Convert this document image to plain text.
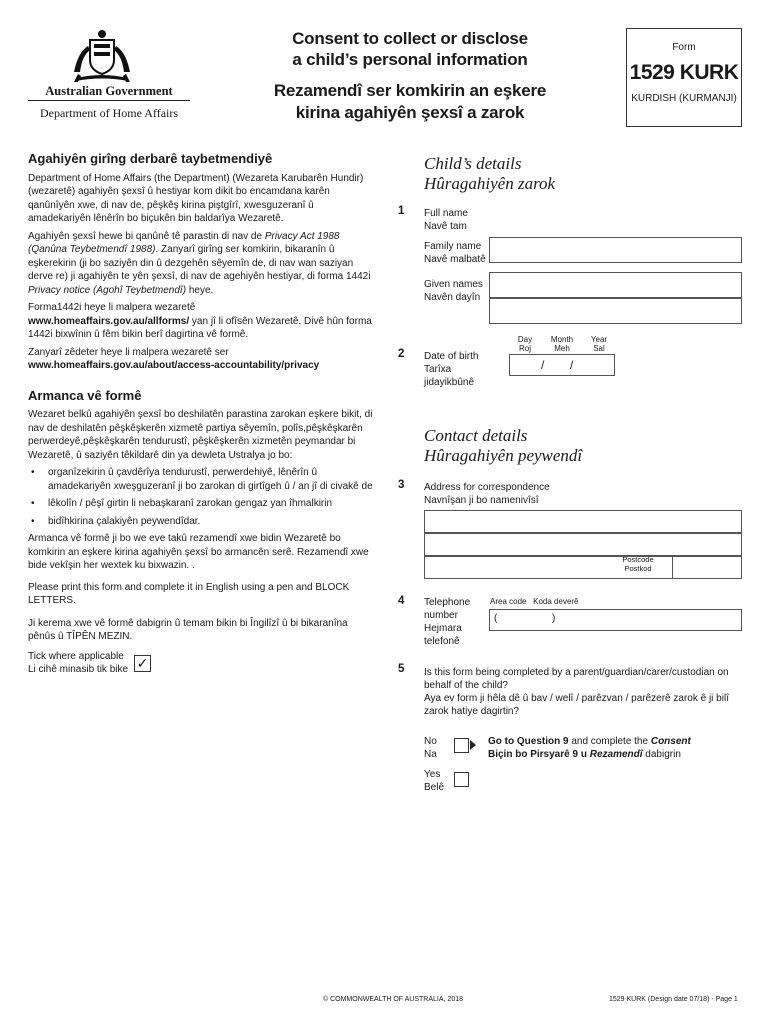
Australian Government
Department of Home Affairs
Consent to collect or disclose
a child’s personal information
Rezamendî ser komkirin an eşkere
kirina agahiyên şexsî a zarok
Form
1529 KURK
KURDISH (KURMANJI)
Agahiyên girîng derbarê taybetmendiyê

Department of Home Affairs (the Department) (Wezareta Karubarên Hundir) (wezaretê) agahiyên şexsî û hestiyar kom dikit bo encamdana karên qanûnîyên xwe, di nav de, pêşkêş kirina piştgîrî, xwesguzeranî û amadekariyên lênêrîn bo biçukên bin baldarîya Wezaretê.

Agahiyên şexsî hewe bi qanûnê tê parastin di nav de Privacy Act 1988 (Qanûna Teybetmendî 1988). Zanyarî girîng ser komkirin, bikaranîn û eşkerekirin (ji bo saziyên din û dezgehên sêyemîn de, di nav wan saziyan derve re) ji agahiyên te yên şexsî, di nav de agehiyên hestiyar, di forma 1442i Privacy notice (Agohî Teybetmendî) heye.

Forma1442i heye li malpera wezaretê
www.homeaffairs.gov.au/allforms/ yan jî li ofîsên Wezaretê. Divê hûn forma 1442i bixwînin û fêm bikin berî dagirtina vê formê.

Zanyarî zêdeter heye li malpera wezaretê ser
www.homeaffairs.gov.au/about/access-accountability/privacy

Armanca vê formê

Wezaret belkû agahiyên şexsî bo deshilatên parastina zarokan eşkere bikit, di nav de deshilatên pêşkêşkerên xizmetê partiya sêyemîn, polîs,pêşkêşkarên perwerdeyê,pêşkêşkarên tendurustî, pêşkêşkerên xizmetên peymandar bi Wezaretê, û saziyên têkildarê din ya dewleta Ustralya jo bo:

• organîzekirin û çavdêrîya tendurustî, perwerdehiyê, lênêrîn û amadekariyên xweşguzeranî ji bo zarokan di girtîgeh û / an jî di civakê de
• lêkolîn / pêşî girtin li nebaşkaranî zarokan gengaz yan îhmalkirin
• bidîhkirina çalakiyên peywendîdar.

Armanca vê formê ji bo we eve takû rezamendî xwe bidin Wezaretê bo komkirin an eşkere kirina agahiyên şexsî bo armancên serê. Rezamendî xwe bide vekîşin her wextek ku bixwazin. .

Please print this form and complete it in English using a pen and BLOCK LETTERS.

Ji kerema xwe vê formê dabigrin û temam bikin bi Îngilîzî û bi bikaranîna pênûs û TÎPÊN MEZIN.

Tick where applicable
Li cihê minasib tik bike ✓
Child’s details
Hûragahiyên zarok
1 Full name
Navê tam
Family name
Navê malbatê
Given names
Navên dayîn
Day
Roj
Month
Meh
Year
Sal
2 Date of birth
Tarîxa
jidayikbûnê
/ /
Contact details
Hûragahiyên peywendî
3 Address for correspondence
Navnîşan ji bo namenivîsî
Postcode
Postkod
4 Telephone
number
Hejmara
telefonê
Area code Koda deverê
(	)
5 Is this form being completed by a parent/guardian/carer/custodian on behalf of the child?
Aya ev form ji hêla dê û bav / welî / parêzvan / parêzerê zarok ê ji bilî zarok hatiye dagirtin?
No
Na
Go to Question 9 and complete the Consent
Biçin bo Pirsyarê 9 u Rezamendî dabigrin
Yes
Belê
© COMMONWEALTH OF AUSTRALIA, 2018	1529 KURK (Design date 07/18) - Page 1
